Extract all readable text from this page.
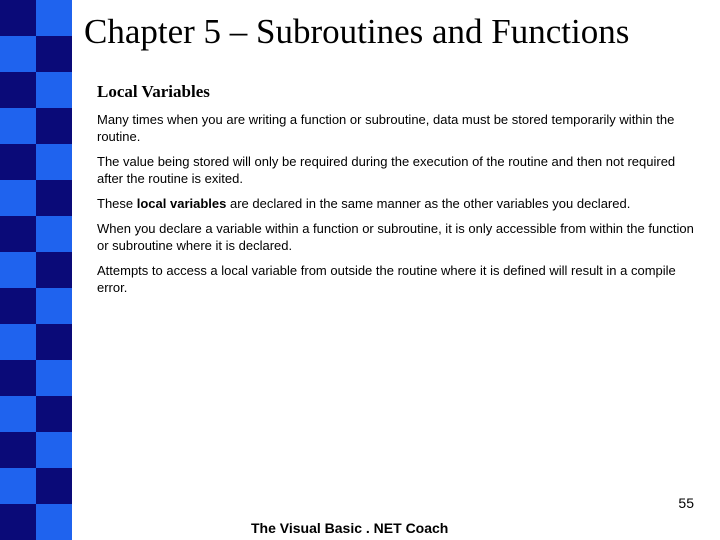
Chapter 5 – Subroutines and Functions
Local Variables
Many times when you are writing a function or subroutine, data must be stored temporarily within the routine.
The value being stored will only be required during the execution of the routine and then not required after the routine is exited.
These local variables are declared in the same manner as the other variables you declared.
When you declare a variable within a function or subroutine, it is only accessible from within the function or subroutine where it is declared.
Attempts to access a local variable from outside the routine where it is defined will result in a compile error.
55
The Visual Basic . NET Coach
